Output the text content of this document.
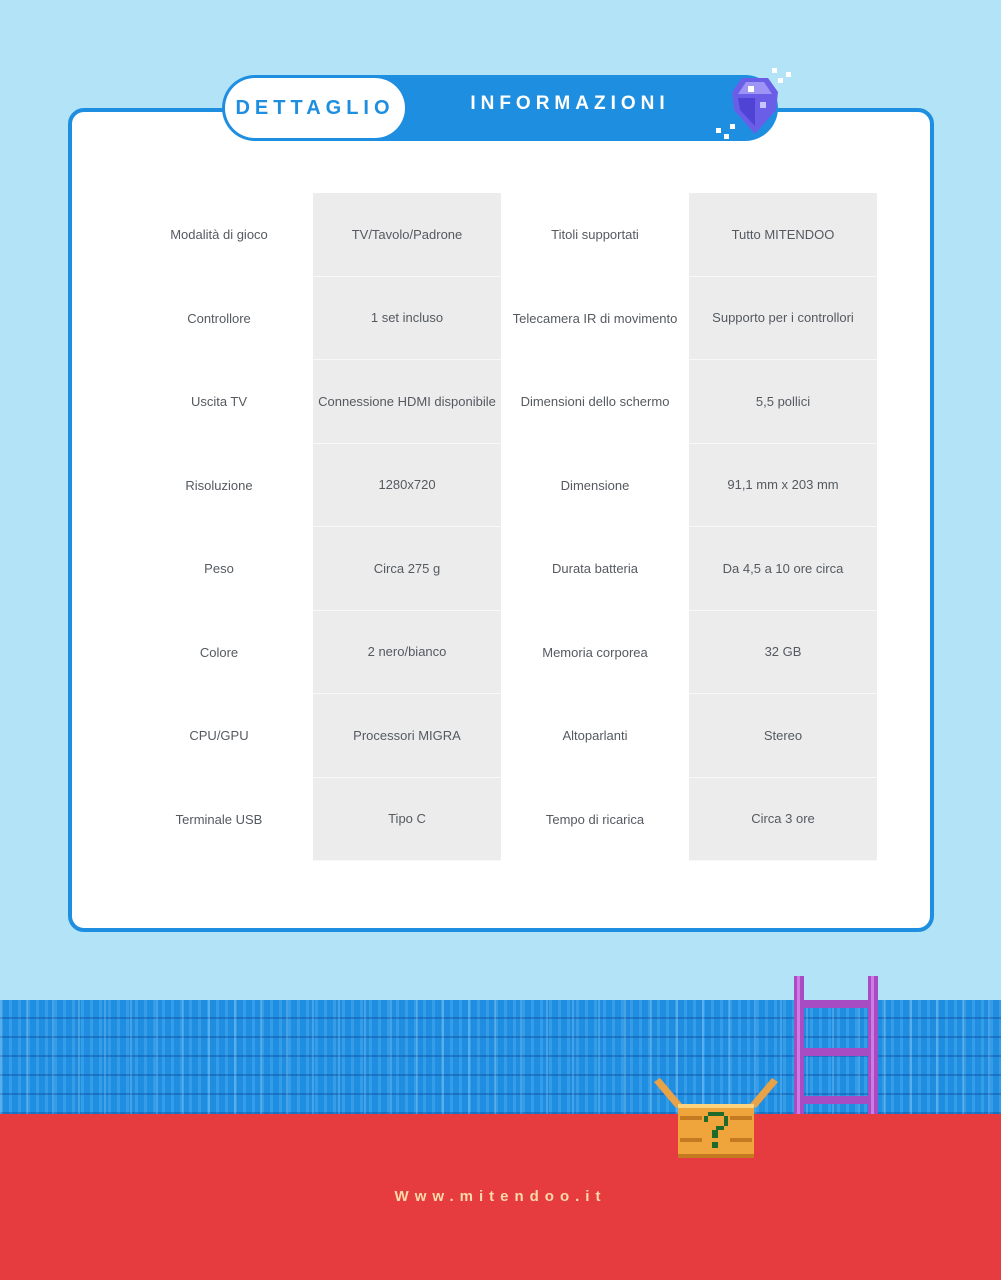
DETTAGLIO	INFORMAZIONI
Modalità di gioco	TV/Tavolo/Padrone	Titoli supportati	Tutto MITENDOO
Controllore	1 set incluso	Telecamera IR di movimento	Supporto per i controllori
Uscita TV	Connessione HDMI disponibile	Dimensioni dello schermo	5,5 pollici
Risoluzione	1280x720	Dimensione	91,1 mm x 203 mm
Peso	Circa 275 g	Durata batteria	Da 4,5 a 10 ore circa
Colore	2 nero/bianco	Memoria corporea	32 GB
CPU/GPU	Processori MIGRA	Altoparlanti	Stereo
Terminale USB	Tipo C	Tempo di ricarica	Circa 3 ore
Www.mitendoo.it
